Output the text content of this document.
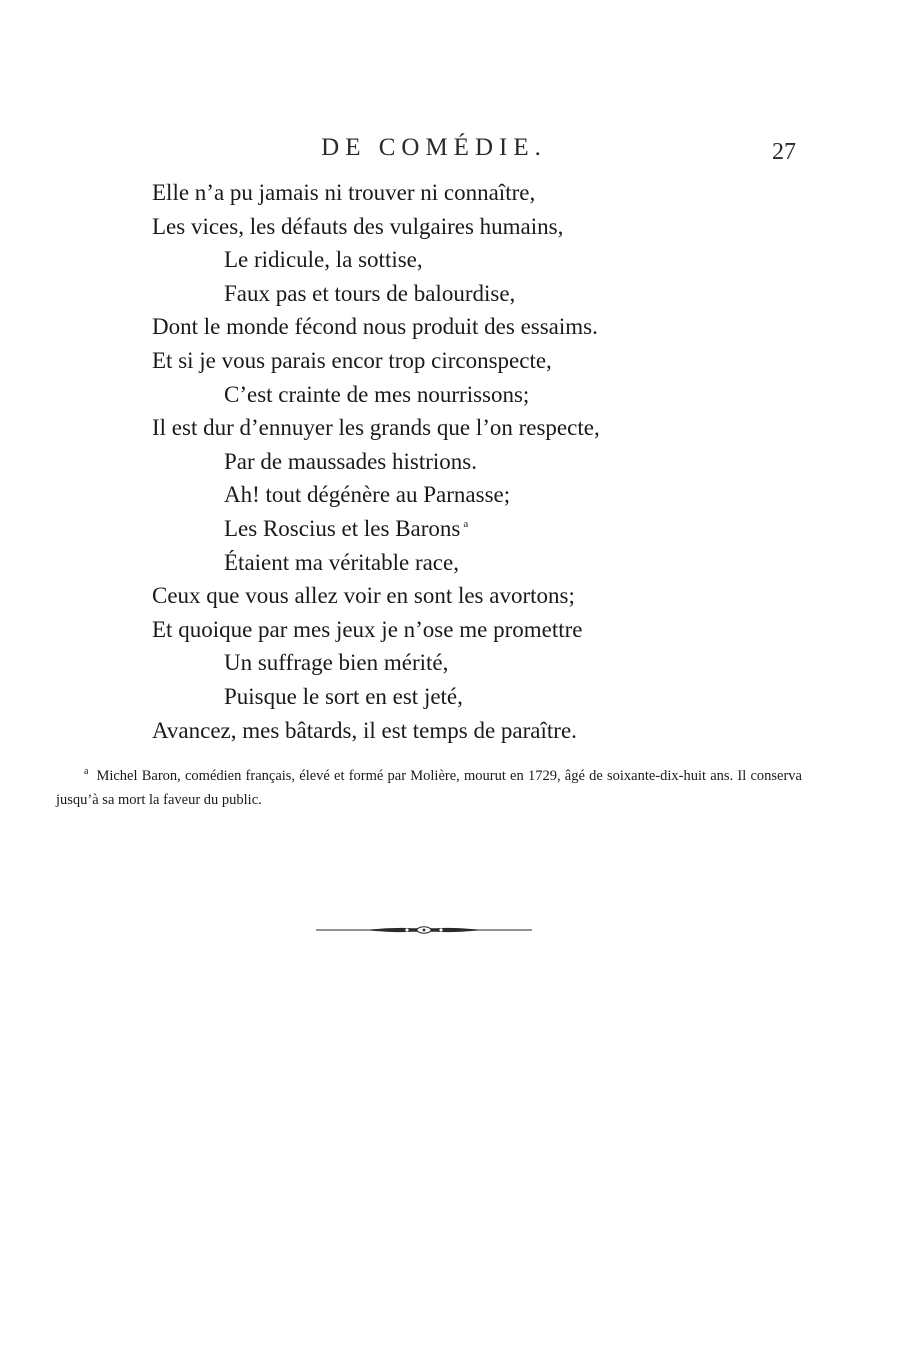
DE COMÉDIE.	27
Elle n’a pu jamais ni trouver ni connaître,
Les vices, les défauts des vulgaires humains,
Le ridicule, la sottise,
Faux pas et tours de balourdise,
Dont le monde fécond nous produit des essaims.
Et si je vous parais encor trop circonspecte,
C’est crainte de mes nourrissons;
Il est dur d’ennuyer les grands que l’on respecte,
Par de maussades histrions.
Ah! tout dégénère au Parnasse;
Les Roscius et les Barons $^a$
Étaient ma véritable race,
Ceux que vous allez voir en sont les avortons;
Et quoique par mes jeux je n’ose me promettre
Un suffrage bien mérité,
Puisque le sort en est jeté,
Avancez, mes bâtards, il est temps de paraître.
$^a$ Michel Baron, comédien français, élevé et formé par Molière, mourut en 1729, âgé de soixante-dix-huit ans. Il conserva jusqu’à sa mort la faveur du public.
